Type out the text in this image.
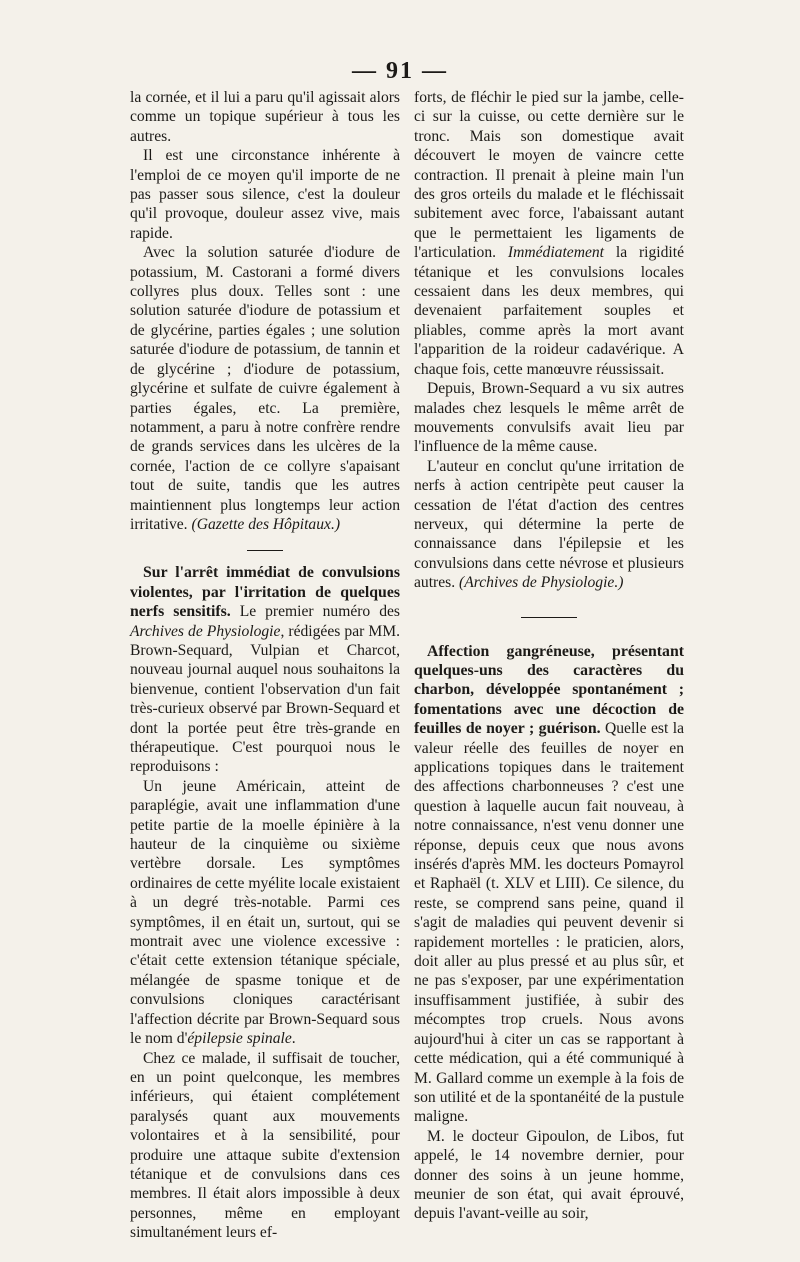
— 91 —

la cornée, et il lui a paru qu'il agissait alors comme un topique supérieur à tous les autres.

Il est une circonstance inhérente à l'emploi de ce moyen qu'il importe de ne pas passer sous silence, c'est la douleur qu'il provoque, douleur assez vive, mais rapide.

Avec la solution saturée d'iodure de potassium, M. Castorani a formé divers collyres plus doux. Telles sont : une solution saturée d'iodure de potassium et de glycérine, parties égales ; une solution saturée d'iodure de potassium, de tannin et de glycérine ; d'iodure de potassium, glycérine et sulfate de cuivre également à parties égales, etc. La première, notamment, a paru à notre confrère rendre de grands services dans les ulcères de la cornée, l'action de ce collyre s'apaisant tout de suite, tandis que les autres maintiennent plus longtemps leur action irritative. (Gazette des Hôpitaux.)

Sur l'arrêt immédiat de convulsions violentes, par l'irritation de quelques nerfs sensitifs. Le premier numéro des Archives de Physiologie, rédigées par MM. Brown-Sequard, Vulpian et Charcot, nouveau journal auquel nous souhaitons la bienvenue, contient l'observation d'un fait très-curieux observé par Brown-Sequard et dont la portée peut être très-grande en thérapeutique. C'est pourquoi nous le reproduisons :

Un jeune Américain, atteint de paraplégie, avait une inflammation d'une petite partie de la moelle épinière à la hauteur de la cinquième ou sixième vertèbre dorsale. Les symptômes ordinaires de cette myélite locale existaient à un degré très-notable. Parmi ces symptômes, il en était un, surtout, qui se montrait avec une violence excessive : c'était cette extension tétanique spéciale, mélangée de spasme tonique et de convulsions cloniques caractérisant l'affection décrite par Brown-Sequard sous le nom d'épilepsie spinale.

Chez ce malade, il suffisait de toucher, en un point quelconque, les membres inférieurs, qui étaient complétement paralysés quant aux mouvements volontaires et à la sensibilité, pour produire une attaque subite d'extension tétanique et de convulsions dans ces membres. Il était alors impossible à deux personnes, même en employant simultanément leurs ef-

forts, de fléchir le pied sur la jambe, celle-ci sur la cuisse, ou cette dernière sur le tronc. Mais son domestique avait découvert le moyen de vaincre cette contraction. Il prenait à pleine main l'un des gros orteils du malade et le fléchissait subitement avec force, l'abaissant autant que le permettaient les ligaments de l'articulation. Immédiatement la rigidité tétanique et les convulsions locales cessaient dans les deux membres, qui devenaient parfaitement souples et pliables, comme après la mort avant l'apparition de la roideur cadavérique. A chaque fois, cette manœuvre réussissait.

Depuis, Brown-Sequard a vu six autres malades chez lesquels le même arrêt de mouvements convulsifs avait lieu par l'influence de la même cause.

L'auteur en conclut qu'une irritation de nerfs à action centripète peut causer la cessation de l'état d'action des centres nerveux, qui détermine la perte de connaissance dans l'épilepsie et les convulsions dans cette névrose et plusieurs autres. (Archives de Physiologie.)

Affection gangréneuse, présentant quelques-uns des caractères du charbon, développée spontanément ; fomentations avec une décoction de feuilles de noyer ; guérison. Quelle est la valeur réelle des feuilles de noyer en applications topiques dans le traitement des affections charbonneuses ? c'est une question à laquelle aucun fait nouveau, à notre connaissance, n'est venu donner une réponse, depuis ceux que nous avons insérés d'après MM. les docteurs Pomayrol et Raphaël (t. XLV et LIII). Ce silence, du reste, se comprend sans peine, quand il s'agit de maladies qui peuvent devenir si rapidement mortelles : le praticien, alors, doit aller au plus pressé et au plus sûr, et ne pas s'exposer, par une expérimentation insuffisamment justifiée, à subir des mécomptes trop cruels. Nous avons aujourd'hui à citer un cas se rapportant à cette médication, qui a été communiqué à M. Gallard comme un exemple à la fois de son utilité et de la spontanéité de la pustule maligne.

M. le docteur Gipoulon, de Libos, fut appelé, le 14 novembre dernier, pour donner des soins à un jeune homme, meunier de son état, qui avait éprouvé, depuis l'avant-veille au soir,
